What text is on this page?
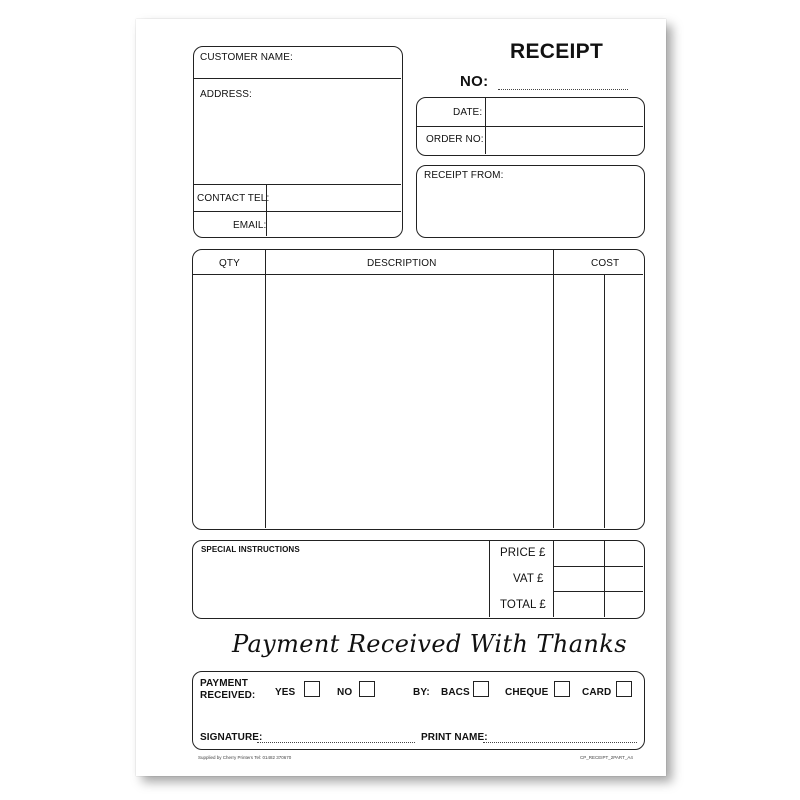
RECEIPT
NO:
CUSTOMER NAME:
ADDRESS:
CONTACT TEL:
EMAIL:
DATE:
ORDER NO:
RECEIPT FROM:
QTY	DESCRIPTION	COST
SPECIAL INSTRUCTIONS	PRICE £
VAT £
TOTAL £
Payment Received With Thanks
PAYMENT
RECEIVED: YES	NO	BY: BACS	CHEQUE	CARD
SIGNATURE:	PRINT NAME:
Supplied by Cherry Printers Tel: 01482 370670	CP_RECEIPT_2PART_A4
